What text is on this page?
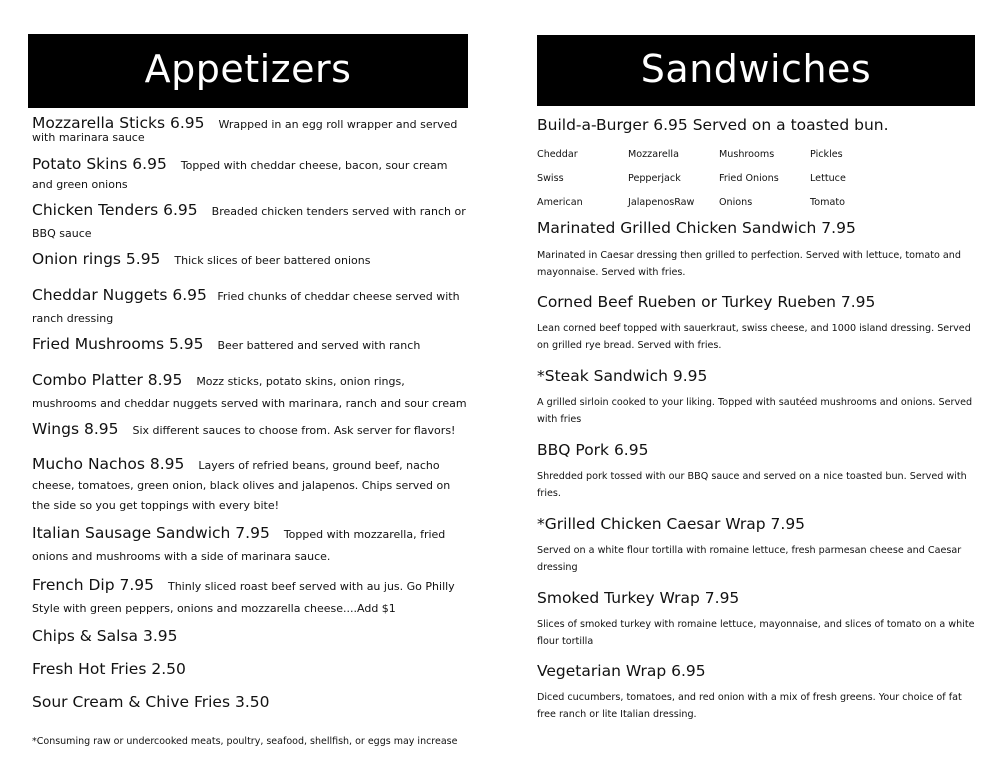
Appetizers
Mozzarella Sticks 6.95 Wrapped in an egg roll wrapper and served with marinara sauce
Potato Skins 6.95 Topped with cheddar cheese, bacon, sour cream and green onions
Chicken Tenders 6.95 Breaded chicken tenders served with ranch or BBQ sauce
Onion rings 5.95 Thick slices of beer battered onions
Cheddar Nuggets 6.95 Fried chunks of cheddar cheese served with ranch dressing
Fried Mushrooms 5.95 Beer battered and served with ranch
Combo Platter 8.95 Mozz sticks, potato skins, onion rings, mushrooms and cheddar nuggets served with marinara, ranch and sour cream
Wings 8.95 Six different sauces to choose from. Ask server for flavors!
Mucho Nachos 8.95 Layers of refried beans, ground beef, nacho cheese, tomatoes, green onion, black olives and jalapenos. Chips served on the side so you get toppings with every bite!
Italian Sausage Sandwich 7.95 Topped with mozzarella, fried onions and mushrooms with a side of marinara sauce.
French Dip 7.95 Thinly sliced roast beef served with au jus. Go Philly Style with green peppers, onions and mozzarella cheese....Add $1
Chips & Salsa 3.95
Fresh Hot Fries 2.50
Sour Cream & Chive Fries 3.50
*Consuming raw or undercooked meats, poultry, seafood, shellfish, or eggs may increase
Sandwiches
Build-a-Burger 6.95 Served on a toasted bun.
Cheddar	Mozzarella	Mushrooms	Pickles
Swiss	Pepperjack	Fried Onions	Lettuce
American	JalapenosRaw	Onions	Tomato
Marinated Grilled Chicken Sandwich 7.95
Marinated in Caesar dressing then grilled to perfection. Served with lettuce, tomato and mayonnaise. Served with fries.
Corned Beef Rueben or Turkey Rueben 7.95
Lean corned beef topped with sauerkraut, swiss cheese, and 1000 island dressing. Served on grilled rye bread. Served with fries.
*Steak Sandwich 9.95
A grilled sirloin cooked to your liking. Topped with sautéed mushrooms and onions. Served with fries
BBQ Pork 6.95
Shredded pork tossed with our BBQ sauce and served on a nice toasted bun. Served with fries.
*Grilled Chicken Caesar Wrap 7.95
Served on a white flour tortilla with romaine lettuce, fresh parmesan cheese and Caesar dressing
Smoked Turkey Wrap 7.95
Slices of smoked turkey with romaine lettuce, mayonnaise, and slices of tomato on a white flour tortilla
Vegetarian Wrap 6.95
Diced cucumbers, tomatoes, and red onion with a mix of fresh greens. Your choice of fat free ranch or lite Italian dressing.
